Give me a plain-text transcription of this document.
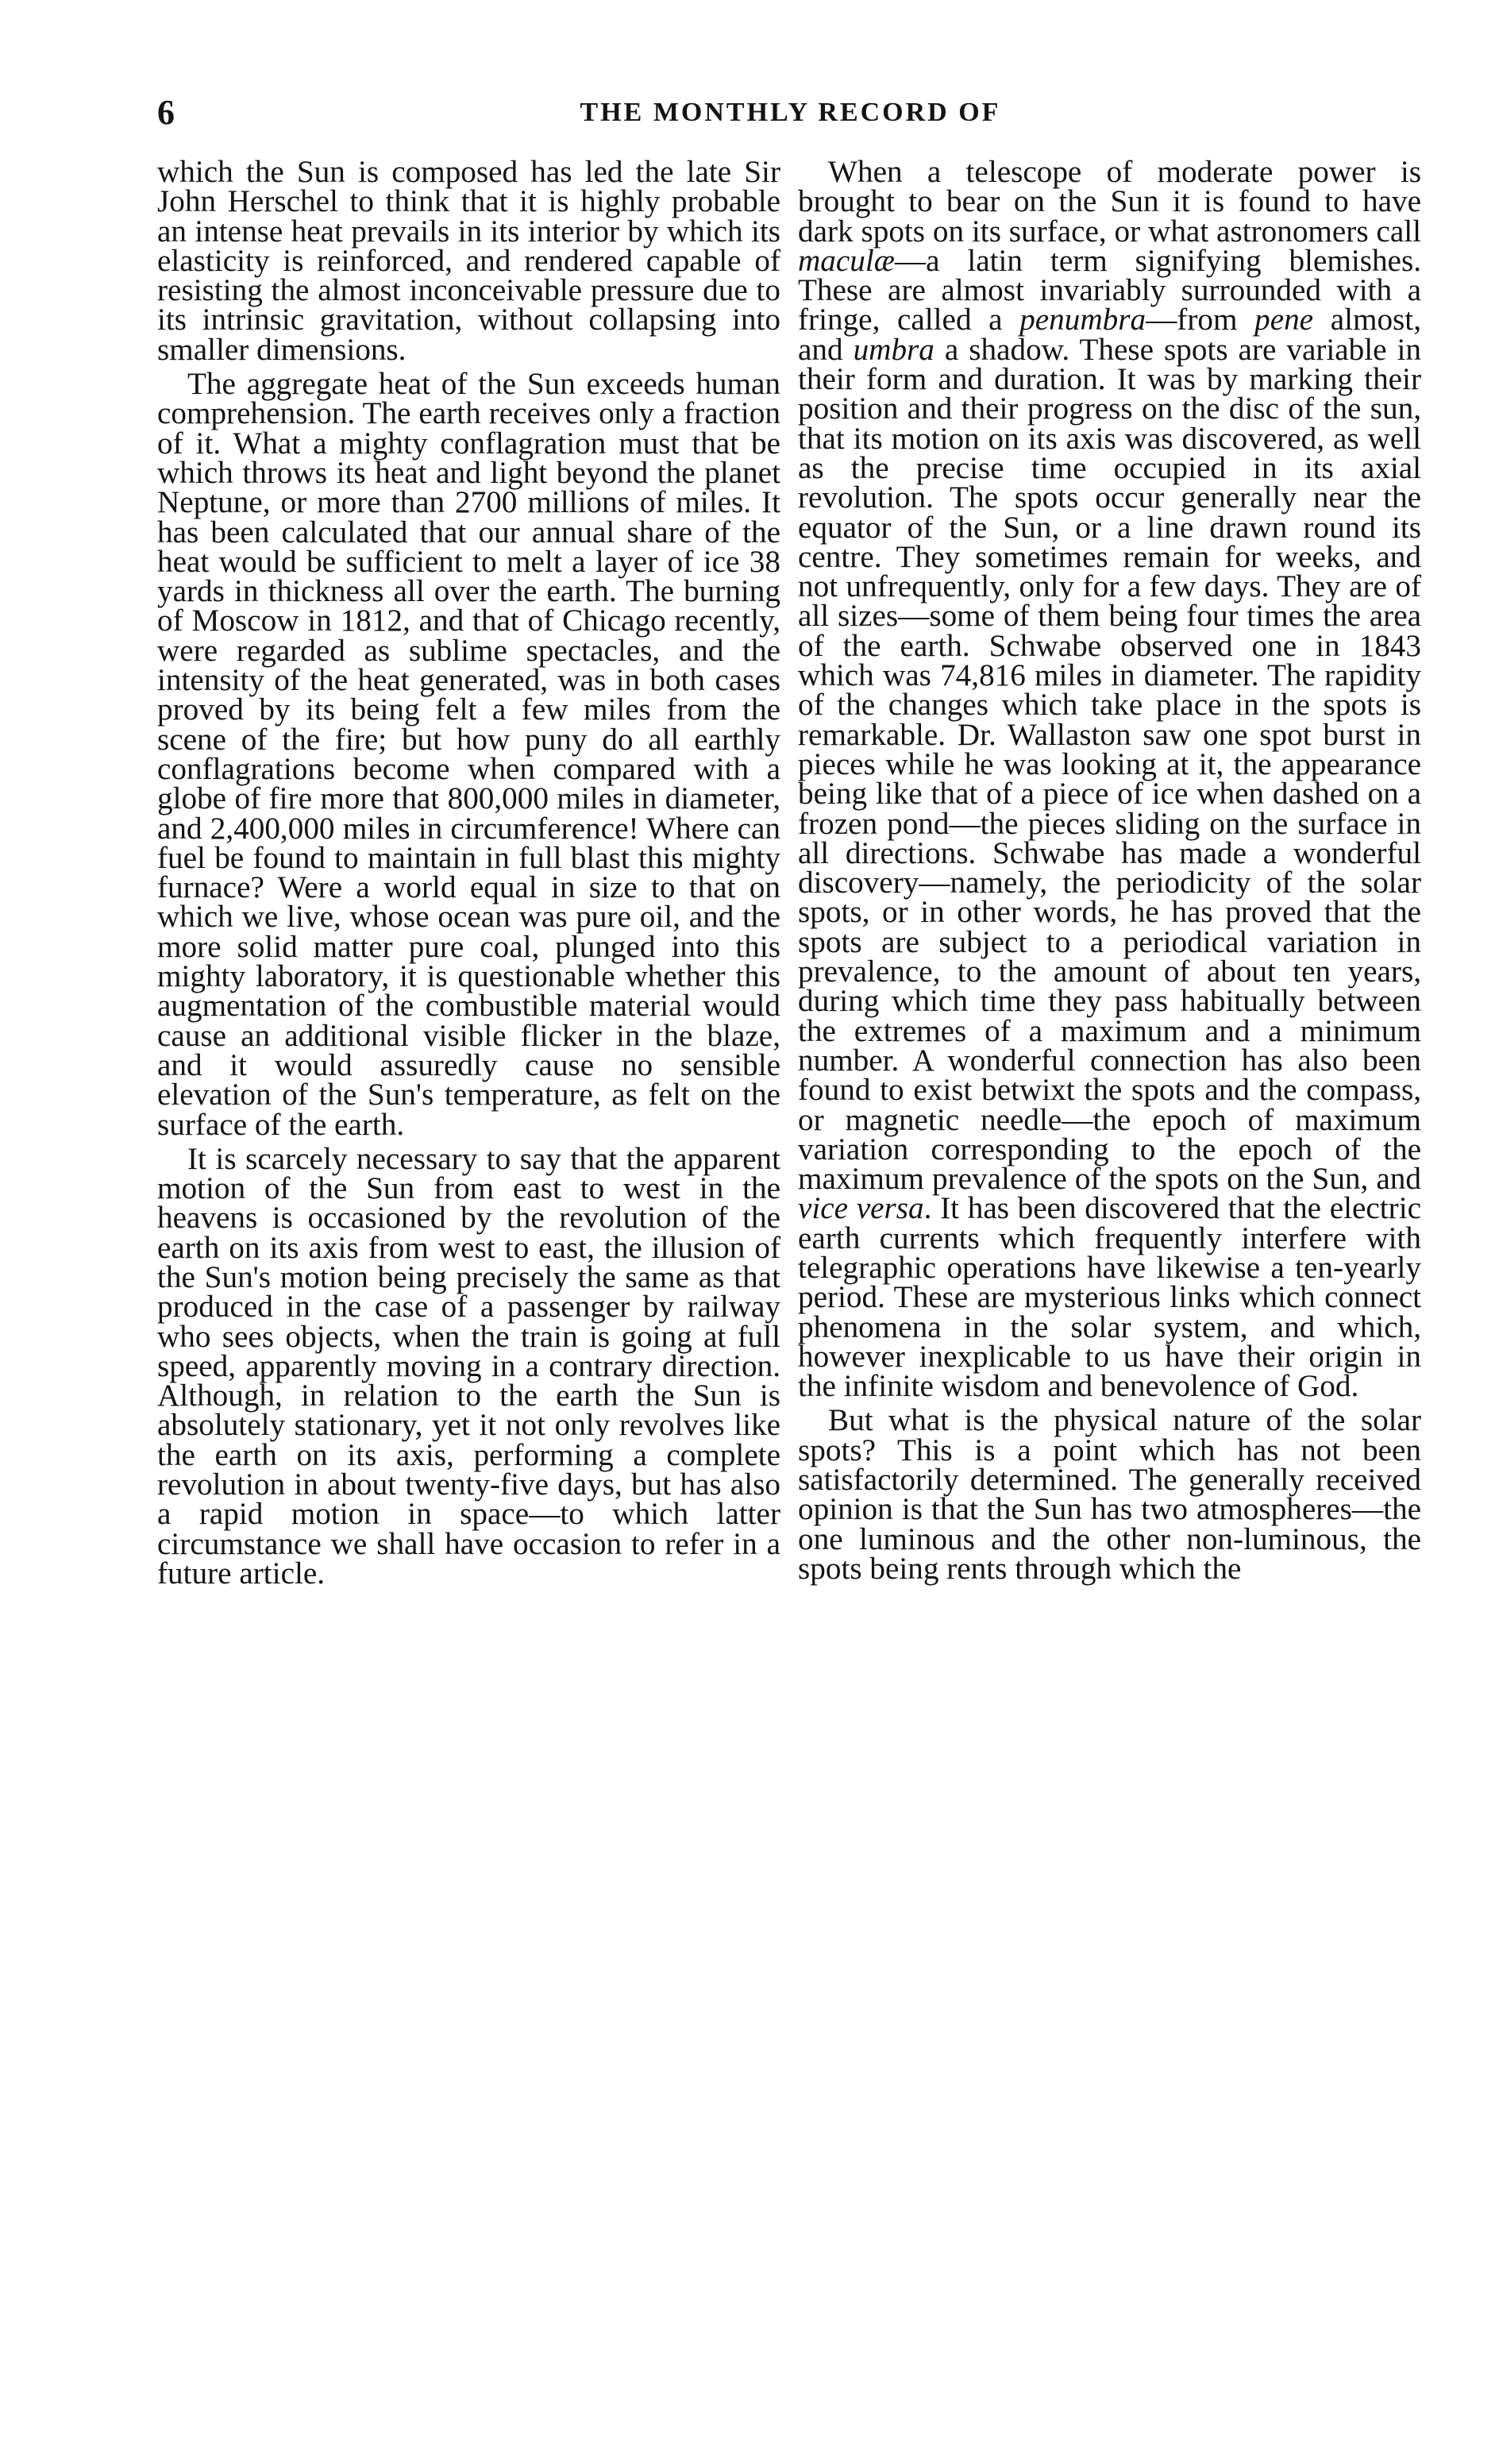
6	THE MONTHLY RECORD OF

which the Sun is composed has led the late Sir John Herschel to think that it is highly probable an intense heat prevails in its interior by which its elasticity is reinforced, and rendered capable of resisting the almost inconceivable pressure due to its intrinsic gravitation, without collapsing into smaller dimensions.

The aggregate heat of the Sun exceeds human comprehension. The earth receives only a fraction of it. What a mighty conflagration must that be which throws its heat and light beyond the planet Neptune, or more than 2700 millions of miles. It has been calculated that our annual share of the heat would be sufficient to melt a layer of ice 38 yards in thickness all over the earth. The burning of Moscow in 1812, and that of Chicago recently, were regarded as sublime spectacles, and the intensity of the heat generated, was in both cases proved by its being felt a few miles from the scene of the fire; but how puny do all earthly conflagrations become when compared with a globe of fire more that 800,000 miles in diameter, and 2,400,000 miles in circumference! Where can fuel be found to maintain in full blast this mighty furnace? Were a world equal in size to that on which we live, whose ocean was pure oil, and the more solid matter pure coal, plunged into this mighty laboratory, it is questionable whether this augmentation of the combustible material would cause an additional visible flicker in the blaze, and it would assuredly cause no sensible elevation of the Sun's temperature, as felt on the surface of the earth.

It is scarcely necessary to say that the apparent motion of the Sun from east to west in the heavens is occasioned by the revolution of the earth on its axis from west to east, the illusion of the Sun's motion being precisely the same as that produced in the case of a passenger by railway who sees objects, when the train is going at full speed, apparently moving in a contrary direction. Although, in relation to the earth the Sun is absolutely stationary, yet it not only revolves like the earth on its axis, performing a complete revolution in about twenty-five days, but has also a rapid motion in space—to which latter circumstance we shall have occasion to refer in a future article.

When a telescope of moderate power is brought to bear on the Sun it is found to have dark spots on its surface, or what astronomers call maculæ—a latin term signifying blemishes. These are almost invariably surrounded with a fringe, called a penumbra—from pene almost, and umbra a shadow. These spots are variable in their form and duration. It was by marking their position and their progress on the disc of the sun, that its motion on its axis was discovered, as well as the precise time occupied in its axial revolution. The spots occur generally near the equator of the Sun, or a line drawn round its centre. They sometimes remain for weeks, and not unfrequently, only for a few days. They are of all sizes—some of them being four times the area of the earth. Schwabe observed one in 1843 which was 74,816 miles in diameter. The rapidity of the changes which take place in the spots is remarkable. Dr. Wallaston saw one spot burst in pieces while he was looking at it, the appearance being like that of a piece of ice when dashed on a frozen pond—the pieces sliding on the surface in all directions. Schwabe has made a wonderful discovery—namely, the periodicity of the solar spots, or in other words, he has proved that the spots are subject to a periodical variation in prevalence, to the amount of about ten years, during which time they pass habitually between the extremes of a maximum and a minimum number. A wonderful connection has also been found to exist betwixt the spots and the compass, or magnetic needle—the epoch of maximum variation corresponding to the epoch of the maximum prevalence of the spots on the Sun, and vice versa. It has been discovered that the electric earth currents which frequently interfere with telegraphic operations have likewise a ten-yearly period. These are mysterious links which connect phenomena in the solar system, and which, however inexplicable to us have their origin in the infinite wisdom and benevolence of God.

But what is the physical nature of the solar spots? This is a point which has not been satisfactorily determined. The generally received opinion is that the Sun has two atmospheres—the one luminous and the other non-luminous, the spots being rents through which the
